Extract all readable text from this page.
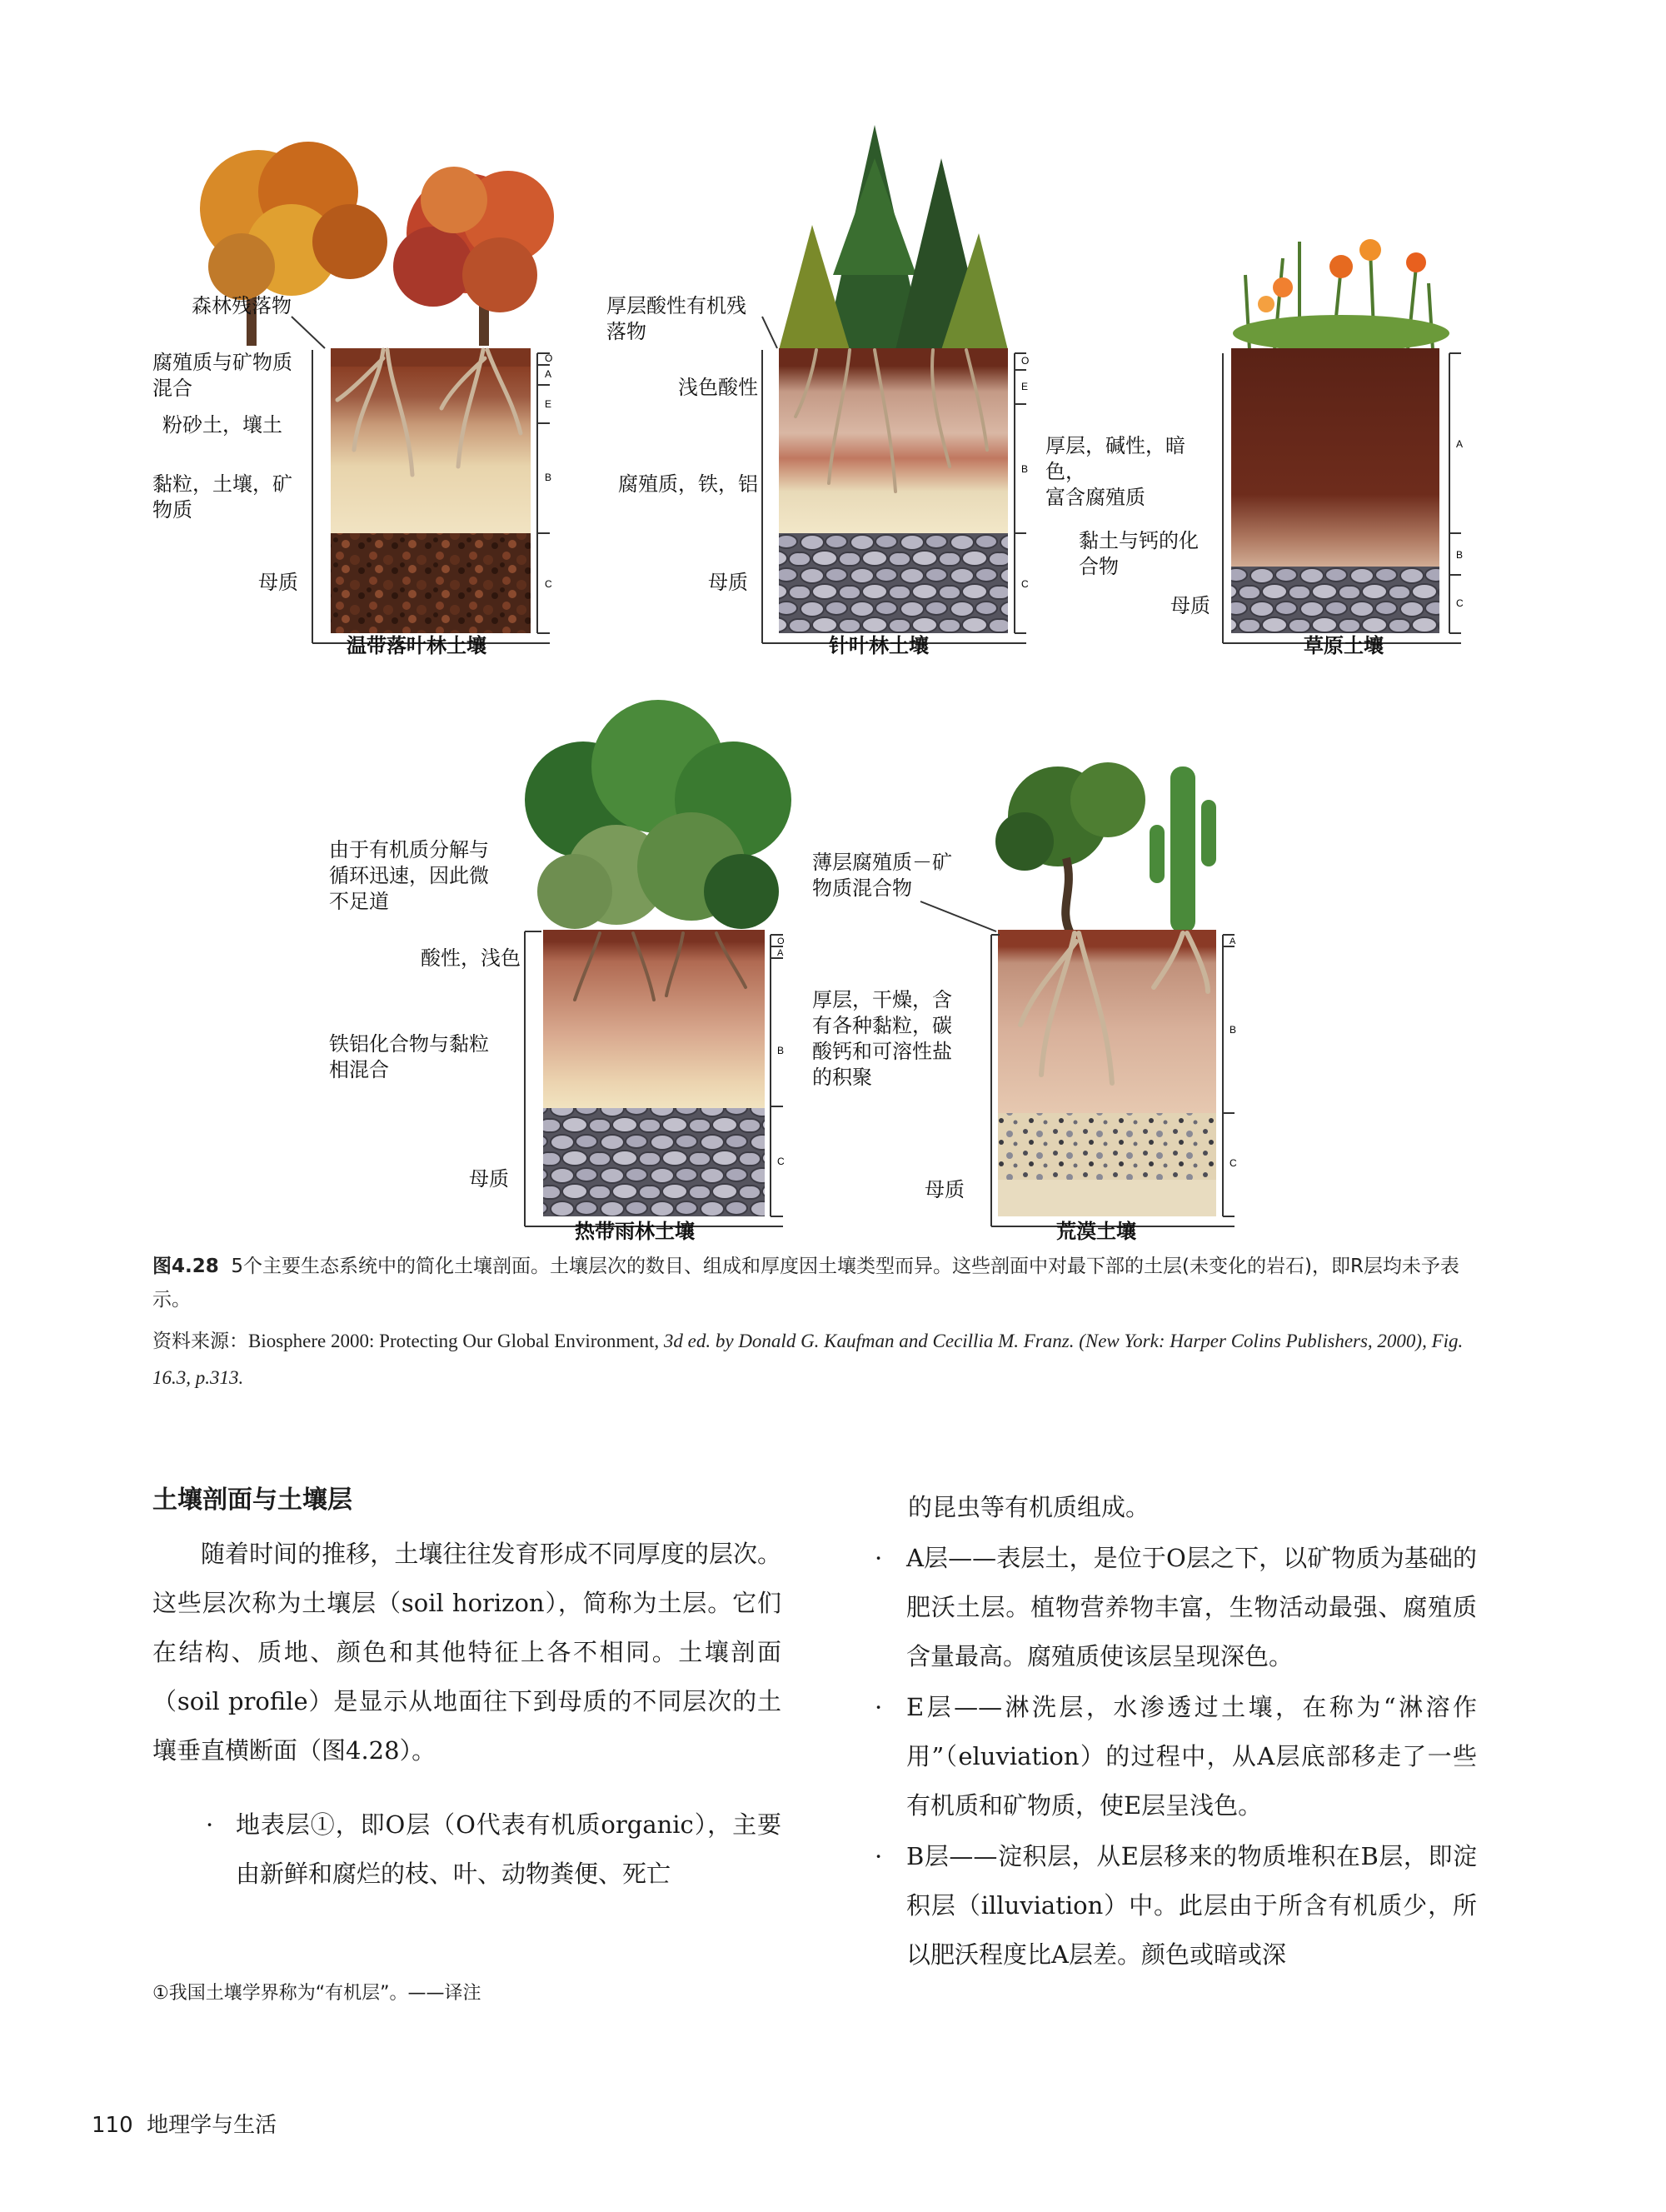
O
A
E
B
C
O
E
B
C
A
B
C
O
A
B
C
A
B
C
森林残落物
腐殖质与矿物质
混合
粉砂土，壤土
黏粒，土壤，矿
物质
母质
温带落叶林土壤
厚层酸性有机残
落物
浅色酸性
腐殖质，铁，铝
母质
针叶林土壤
厚层，碱性，暗色，
富含腐殖质
黏土与钙的化
合物
母质
草原土壤
由于有机质分解与
循环迅速，因此微
不足道
酸性，浅色
铁铝化合物与黏粒
相混合
母质
热带雨林土壤
薄层腐殖质－矿
物质混合物
厚层，干燥，含
有各种黏粒，碳
酸钙和可溶性盐
的积聚
母质
荒漠土壤
图4.28 5个主要生态系统中的简化土壤剖面。土壤层次的数目、组成和厚度因土壤类型而异。这些剖面中对最下部的土层(未变化的岩石)，即R层均未予表示。
资料来源：Biosphere 2000: Protecting Our Global Environment, 3d ed. by Donald G. Kaufman and Cecillia M. Franz. (New York: Harper Colins Publishers, 2000), Fig. 16.3, p.313.
土壤剖面与土壤层

随着时间的推移，土壤往往发育形成不同厚度的层次。这些层次称为土壤层（soil horizon），简称为土层。它们在结构、质地、颜色和其他特征上各不相同。土壤剖面（soil profile）是显示从地面往下到母质的不同层次的土壤垂直横断面（图4.28）。

· 地表层①，即O层（O代表有机质organic），主要由新鲜和腐烂的枝、叶、动物粪便、死亡

的昆虫等有机质组成。

· A层——表层土，是位于O层之下，以矿物质为基础的肥沃土层。植物营养物丰富，生物活动最强、腐殖质含量最高。腐殖质使该层呈现深色。

· E层——淋洗层，水渗透过土壤，在称为“淋溶作用”（eluviation）的过程中，从A层底部移走了一些有机质和矿物质，使E层呈浅色。

· B层——淀积层，从E层移来的物质堆积在B层，即淀积层（illuviation）中。此层由于所含有机质少，所以肥沃程度比A层差。颜色或暗或深

①我国土壤学界称为“有机层”。——译注
110 地理学与生活
